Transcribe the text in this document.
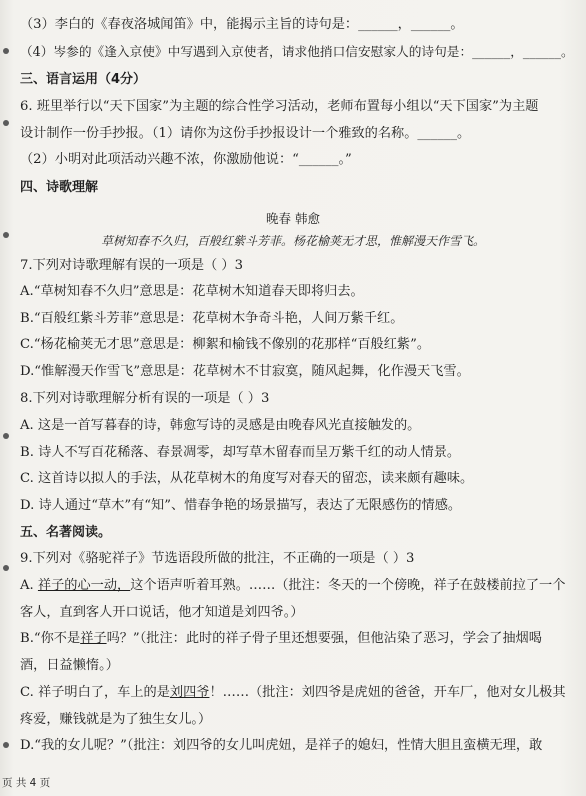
（3）李白的《春夜洛城闻笛》中，能揭示主旨的诗句是：______，______。
（4）岑参的《逢入京使》中写遇到入京使者，请求他捎口信安慰家人的诗句是：______，______。
三、语言运用（4分）
6. 班里举行以“天下国家”为主题的综合性学习活动，老师布置每小组以“天下国家”为主题
设计制作一份手抄报。（1）请你为这份手抄报设计一个雅致的名称。______。
（2）小明对此项活动兴趣不浓，你激励他说：“______。”
四、诗歌理解
晚春 韩愈
草树知春不久归，百般红紫斗芳菲。杨花榆荚无才思，惟解漫天作雪飞。
7.下列对诗歌理解有误的一项是（ ）3
A.“草树知春不久归”意思是：花草树木知道春天即将归去。
B.“百般红紫斗芳菲”意思是：花草树木争奇斗艳，人间万紫千红。
C.“杨花榆荚无才思”意思是：柳絮和榆钱不像别的花那样“百般红紫”。
D.“惟解漫天作雪飞”意思是：花草树木不甘寂寞，随风起舞，化作漫天飞雪。
8.下列对诗歌理解分析有误的一项是（ ）3
A. 这是一首写暮春的诗，韩愈写诗的灵感是由晚春风光直接触发的。
B. 诗人不写百花稀落、春景凋零，却写草木留春而呈万紫千红的动人情景。
C. 这首诗以拟人的手法，从花草树木的角度写对春天的留恋，读来颇有趣味。
D. 诗人通过“草木”有“知”、惜春争艳的场景描写，表达了无限感伤的情感。
五、名著阅读。
9.下列对《骆驼祥子》节选语段所做的批注，不正确的一项是（ ）3
A. 祥子的心一动，这个语声听着耳熟。……（批注：冬天的一个傍晚，祥子在鼓楼前拉了一个
客人，直到客人开口说话，他才知道是刘四爷。）
B.“你不是祥子吗？”（批注：此时的祥子骨子里还想要强，但他沾染了恶习，学会了抽烟喝
酒，日益懒惰。）
C. 祥子明白了，车上的是刘四爷！……（批注：刘四爷是虎妞的爸爸，开车厂，他对女儿极其
疼爱，赚钱就是为了独生女儿。）
D.“我的女儿呢？”（批注：刘四爷的女儿叫虎妞，是祥子的媳妇，性情大胆且蛮横无理，敢
页 共 4 页
